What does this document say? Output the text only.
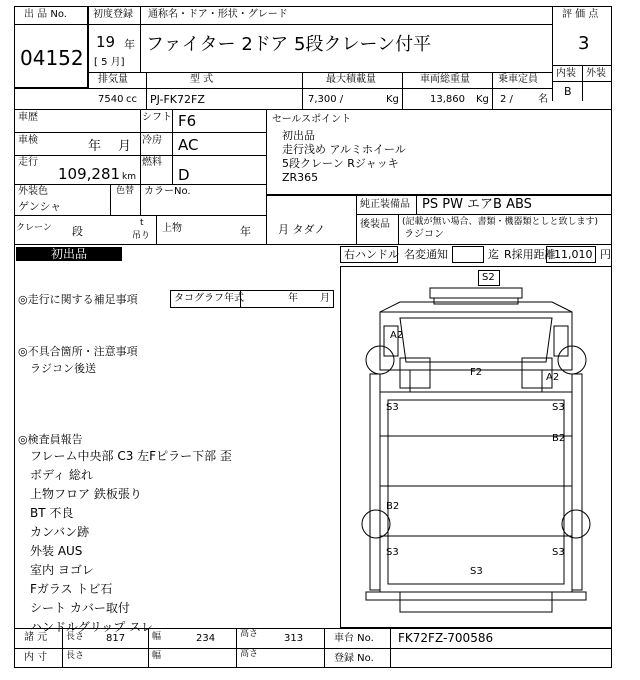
出 品 No.
04152
初度登録
19 年
[ 5 月]
通称名・ドア・形状・グレード
ファイター 2ドア 5段クレーン付平
評 価 点
3
内装 外装
B
排気量
7540 cc
型 式
PJ-FK72FZ
最大積載量
7,300 /	Kg
車両総重量
13,860 Kg
乗車定員
2 /	名
車歴	シフト F6
車検	年 月 冷房 AC
走行
109,281 km
燃料
D
外装色
ゲンシャ
色替 カラーNo.
クレーン 段
t
吊り
上物	年 月 タダノ
セールスポイント
初出品
走行浅め アルミホイール
5段クレーン Rジャッキ
ZR365
純正装備品 PS PW エアB ABS
後装品 (記載が無い場合、書類・機器類としと致します)
ラジコン
初出品	右ハンドル 名変通知	迄 R採用距離
11,010 円
◎走行に関する補足事項	タコグラフ年式	年 月
◎不具合箇所・注意事項
ラジコン後送
◎検査員報告
フレーム中央部 C3 左Fピラー下部 歪
ボディ 総れ
上物フロア 鉄板張り
BT 不良
カンバン跡
外装 AUS
室内 ヨゴレ
Fガラス トビ石
シート カバー取付
ハンドルグリップ スレ
S2
A2
F2	A2
S3	S3
B2
B2
S3	S3
S3
諸 元 長さ 817	幅	234	高さ	313	車台 No. FK72FZ-700586
内 寸 長さ	幅	高さ	登録 No.
